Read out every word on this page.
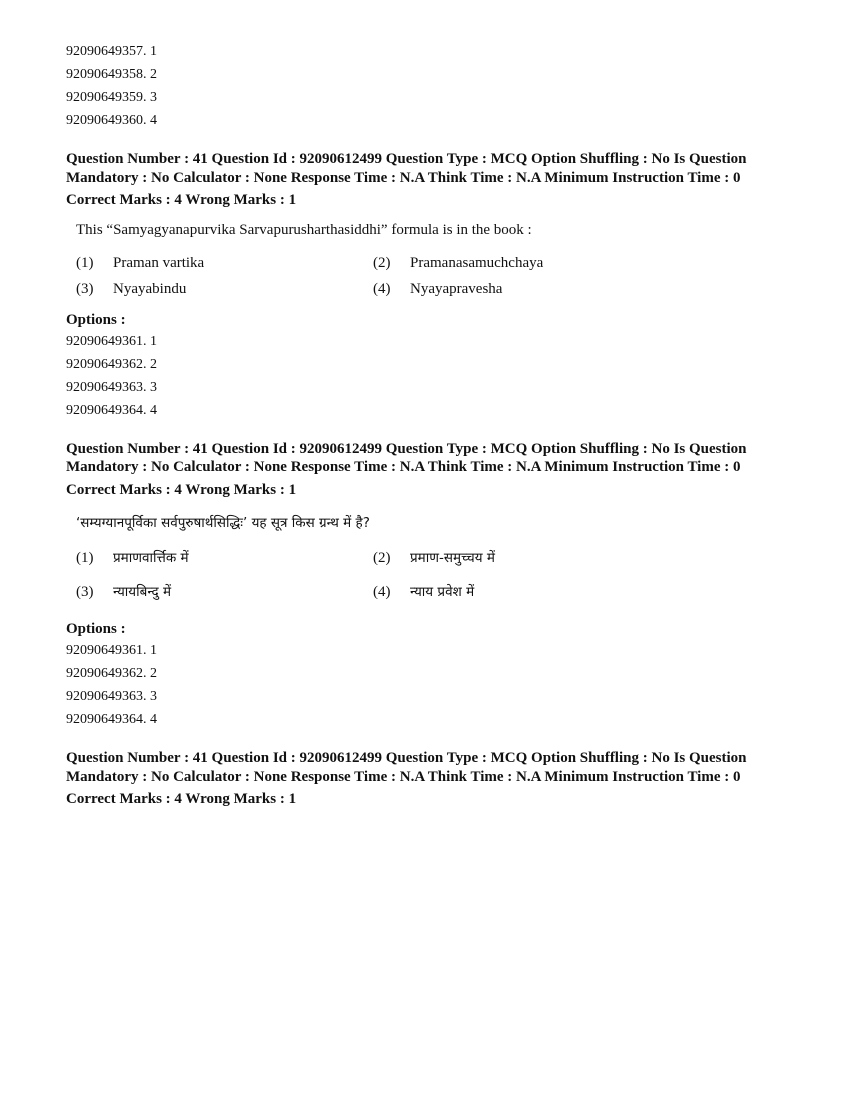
92090649357. 1
92090649358. 2
92090649359. 3
92090649360. 4
Question Number : 41 Question Id : 92090612499 Question Type : MCQ Option Shuffling : No Is Question Mandatory : No Calculator : None Response Time : N.A Think Time : N.A Minimum Instruction Time : 0
Correct Marks : 4 Wrong Marks : 1
This “Samyagyanapurvika Sarvapurusharthasiddhi” formula is in the book :
(1)	Praman vartika	(2)	Pramanasamuchchaya
(3)	Nyayabindu	(4)	Nyayapravesha
Options :
92090649361. 1
92090649362. 2
92090649363. 3
92090649364. 4
Question Number : 41 Question Id : 92090612499 Question Type : MCQ Option Shuffling : No Is Question Mandatory : No Calculator : None Response Time : N.A Think Time : N.A Minimum Instruction Time : 0
Correct Marks : 4 Wrong Marks : 1
‘सम्यग्यानपूर्विका सर्वपुरुषार्थसिद्धिः’ यह सूत्र किस ग्रन्थ में है?
(1)	प्रमाणवार्त्तिक में	(2)	प्रमाण-समुच्चय में
(3)	न्यायबिन्दु में	(4)	न्याय प्रवेश में
Options :
92090649361. 1
92090649362. 2
92090649363. 3
92090649364. 4
Question Number : 41 Question Id : 92090612499 Question Type : MCQ Option Shuffling : No Is Question Mandatory : No Calculator : None Response Time : N.A Think Time : N.A Minimum Instruction Time : 0
Correct Marks : 4 Wrong Marks : 1
